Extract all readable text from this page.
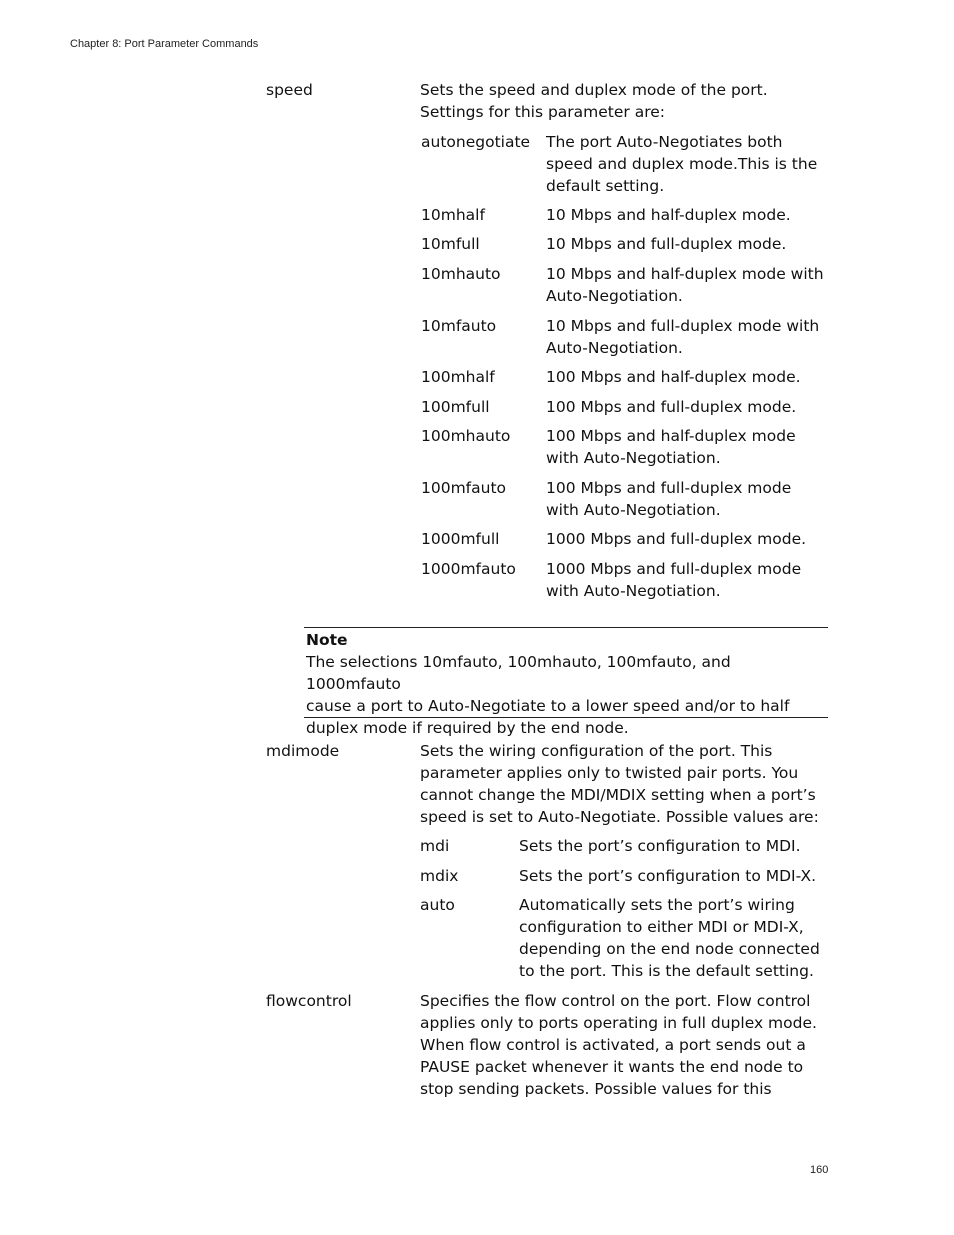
Chapter 8: Port Parameter Commands
speed	Sets the speed and duplex mode of the port.
Settings for this parameter are:
autonegotiate The port Auto-Negotiates both
speed and duplex mode.This is the
default setting.
10mhalf	10 Mbps and half-duplex mode.
10mfull	10 Mbps and full-duplex mode.
10mhauto	10 Mbps and half-duplex mode with
Auto-Negotiation.
10mfauto	10 Mbps and full-duplex mode with
Auto-Negotiation.
100mhalf	100 Mbps and half-duplex mode.
100mfull	100 Mbps and full-duplex mode.
100mhauto 100 Mbps and half-duplex mode
with Auto-Negotiation.
100mfauto	100 Mbps and full-duplex mode
with Auto-Negotiation.
1000mfull	1000 Mbps and full-duplex mode.
1000mfauto 1000 Mbps and full-duplex mode
with Auto-Negotiation.
Note
The selections 10mfauto, 100mhauto, 100mfauto, and 1000mfauto
cause a port to Auto-Negotiate to a lower speed and/or to half
duplex mode if required by the end node.
mdimode	Sets the wiring configuration of the port. This
parameter applies only to twisted pair ports. You
cannot change the MDI/MDIX setting when a port’s
speed is set to Auto-Negotiate. Possible values are:
mdi	Sets the port’s configuration to MDI.
mdix	Sets the port’s configuration to MDI-X.
auto	Automatically sets the port’s wiring
configuration to either MDI or MDI-X,
depending on the end node connected
to the port. This is the default setting.
flowcontrol	Specifies the flow control on the port. Flow control
applies only to ports operating in full duplex mode.
When flow control is activated, a port sends out a
PAUSE packet whenever it wants the end node to
stop sending packets. Possible values for this
160
